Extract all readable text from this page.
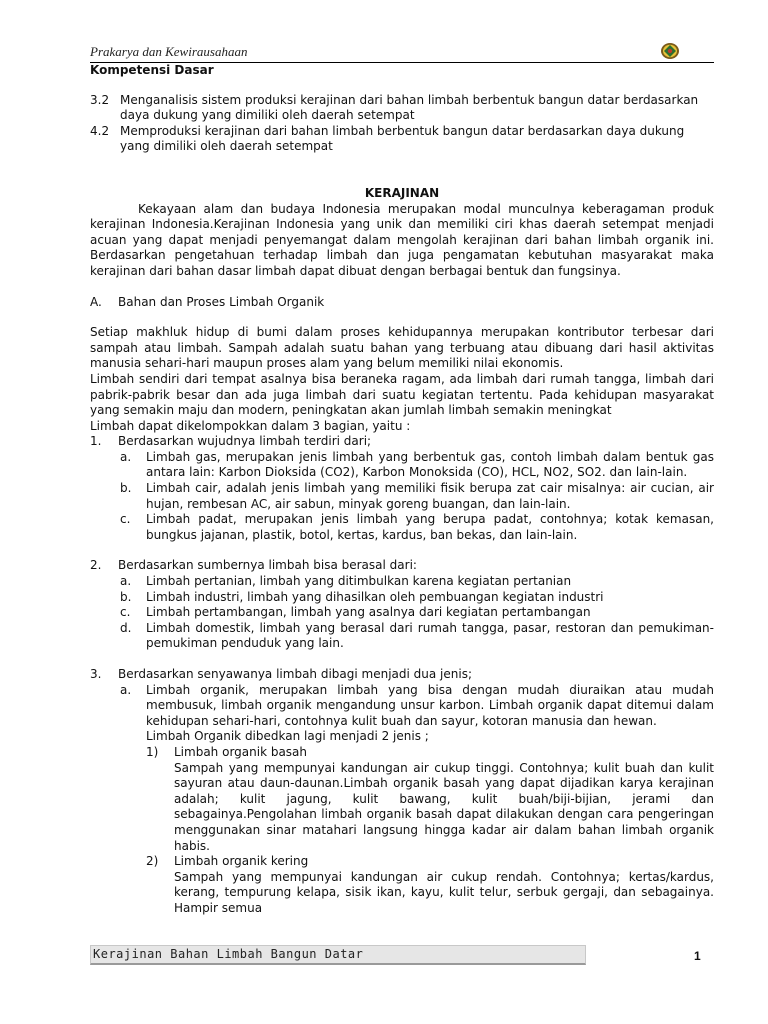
Prakarya dan Kewirausahaan

Kompetensi Dasar

3.2 Menganalisis sistem produksi kerajinan dari bahan limbah berbentuk bangun datar berdasarkan daya dukung yang dimiliki oleh daerah setempat
4.2 Memproduksi kerajinan dari bahan limbah berbentuk bangun datar berdasarkan daya dukung yang dimiliki oleh daerah setempat
KERAJINAN

Kekayaan alam dan budaya Indonesia merupakan modal munculnya keberagaman produk kerajinan Indonesia.Kerajinan Indonesia yang unik dan memiliki ciri khas daerah setempat menjadi acuan yang dapat menjadi penyemangat dalam mengolah kerajinan dari bahan limbah organik ini. Berdasarkan pengetahuan terhadap limbah dan juga pengamatan kebutuhan masyarakat maka kerajinan dari bahan dasar limbah dapat dibuat dengan berbagai bentuk dan fungsinya.

A. Bahan dan Proses Limbah Organik

Setiap makhluk hidup di bumi dalam proses kehidupannya merupakan kontributor terbesar dari sampah atau limbah. Sampah adalah suatu bahan yang terbuang atau dibuang dari hasil aktivitas manusia sehari-hari maupun proses alam yang belum memiliki nilai ekonomis.

Limbah sendiri dari tempat asalnya bisa beraneka ragam, ada limbah dari rumah tangga, limbah dari pabrik-pabrik besar dan ada juga limbah dari suatu kegiatan tertentu. Pada kehidupan masyarakat yang semakin maju dan modern, peningkatan akan jumlah limbah semakin meningkat

Limbah dapat dikelompokkan dalam 3 bagian, yaitu :

1. Berdasarkan wujudnya limbah terdiri dari;
a. Limbah gas, merupakan jenis limbah yang berbentuk gas, contoh limbah dalam bentuk gas antara lain: Karbon Dioksida (CO2), Karbon Monoksida (CO), HCL, NO2, SO2. dan lain-lain.
b. Limbah cair, adalah jenis limbah yang memiliki fisik berupa zat cair misalnya: air cucian, air hujan, rembesan AC, air sabun, minyak goreng buangan, dan lain-lain.
c. Limbah padat, merupakan jenis limbah yang berupa padat, contohnya; kotak kemasan, bungkus jajanan, plastik, botol, kertas, kardus, ban bekas, dan lain-lain.
2. Berdasarkan sumbernya limbah bisa berasal dari:
a. Limbah pertanian, limbah yang ditimbulkan karena kegiatan pertanian
b. Limbah industri, limbah yang dihasilkan oleh pembuangan kegiatan industri
c. Limbah pertambangan, limbah yang asalnya dari kegiatan pertambangan
d. Limbah domestik, limbah yang berasal dari rumah tangga, pasar, restoran dan pemukiman-pemukiman penduduk yang lain.
3. Berdasarkan senyawanya limbah dibagi menjadi dua jenis;
a. Limbah organik, merupakan limbah yang bisa dengan mudah diuraikan atau mudah membusuk, limbah organik mengandung unsur karbon. Limbah organik dapat ditemui dalam kehidupan sehari-hari, contohnya kulit buah dan sayur, kotoran manusia dan hewan.
Limbah Organik dibedkan lagi menjadi 2 jenis ;
1) Limbah organik basah
Sampah yang mempunyai kandungan air cukup tinggi. Contohnya; kulit buah dan kulit sayuran atau daun-daunan.Limbah organik basah yang dapat dijadikan karya kerajinan adalah; kulit jagung, kulit bawang, kulit buah/biji-bijian, jerami dan sebagainya.Pengolahan limbah organik basah dapat dilakukan dengan cara pengeringan menggunakan sinar matahari langsung hingga kadar air dalam bahan limbah organik habis.
2) Limbah organik kering
Sampah yang mempunyai kandungan air cukup rendah. Contohnya; kertas/kardus, kerang, tempurung kelapa, sisik ikan, kayu, kulit telur, serbuk gergaji, dan sebagainya. Hampir semua
Kerajinan Bahan Limbah Bangun Datar	1
